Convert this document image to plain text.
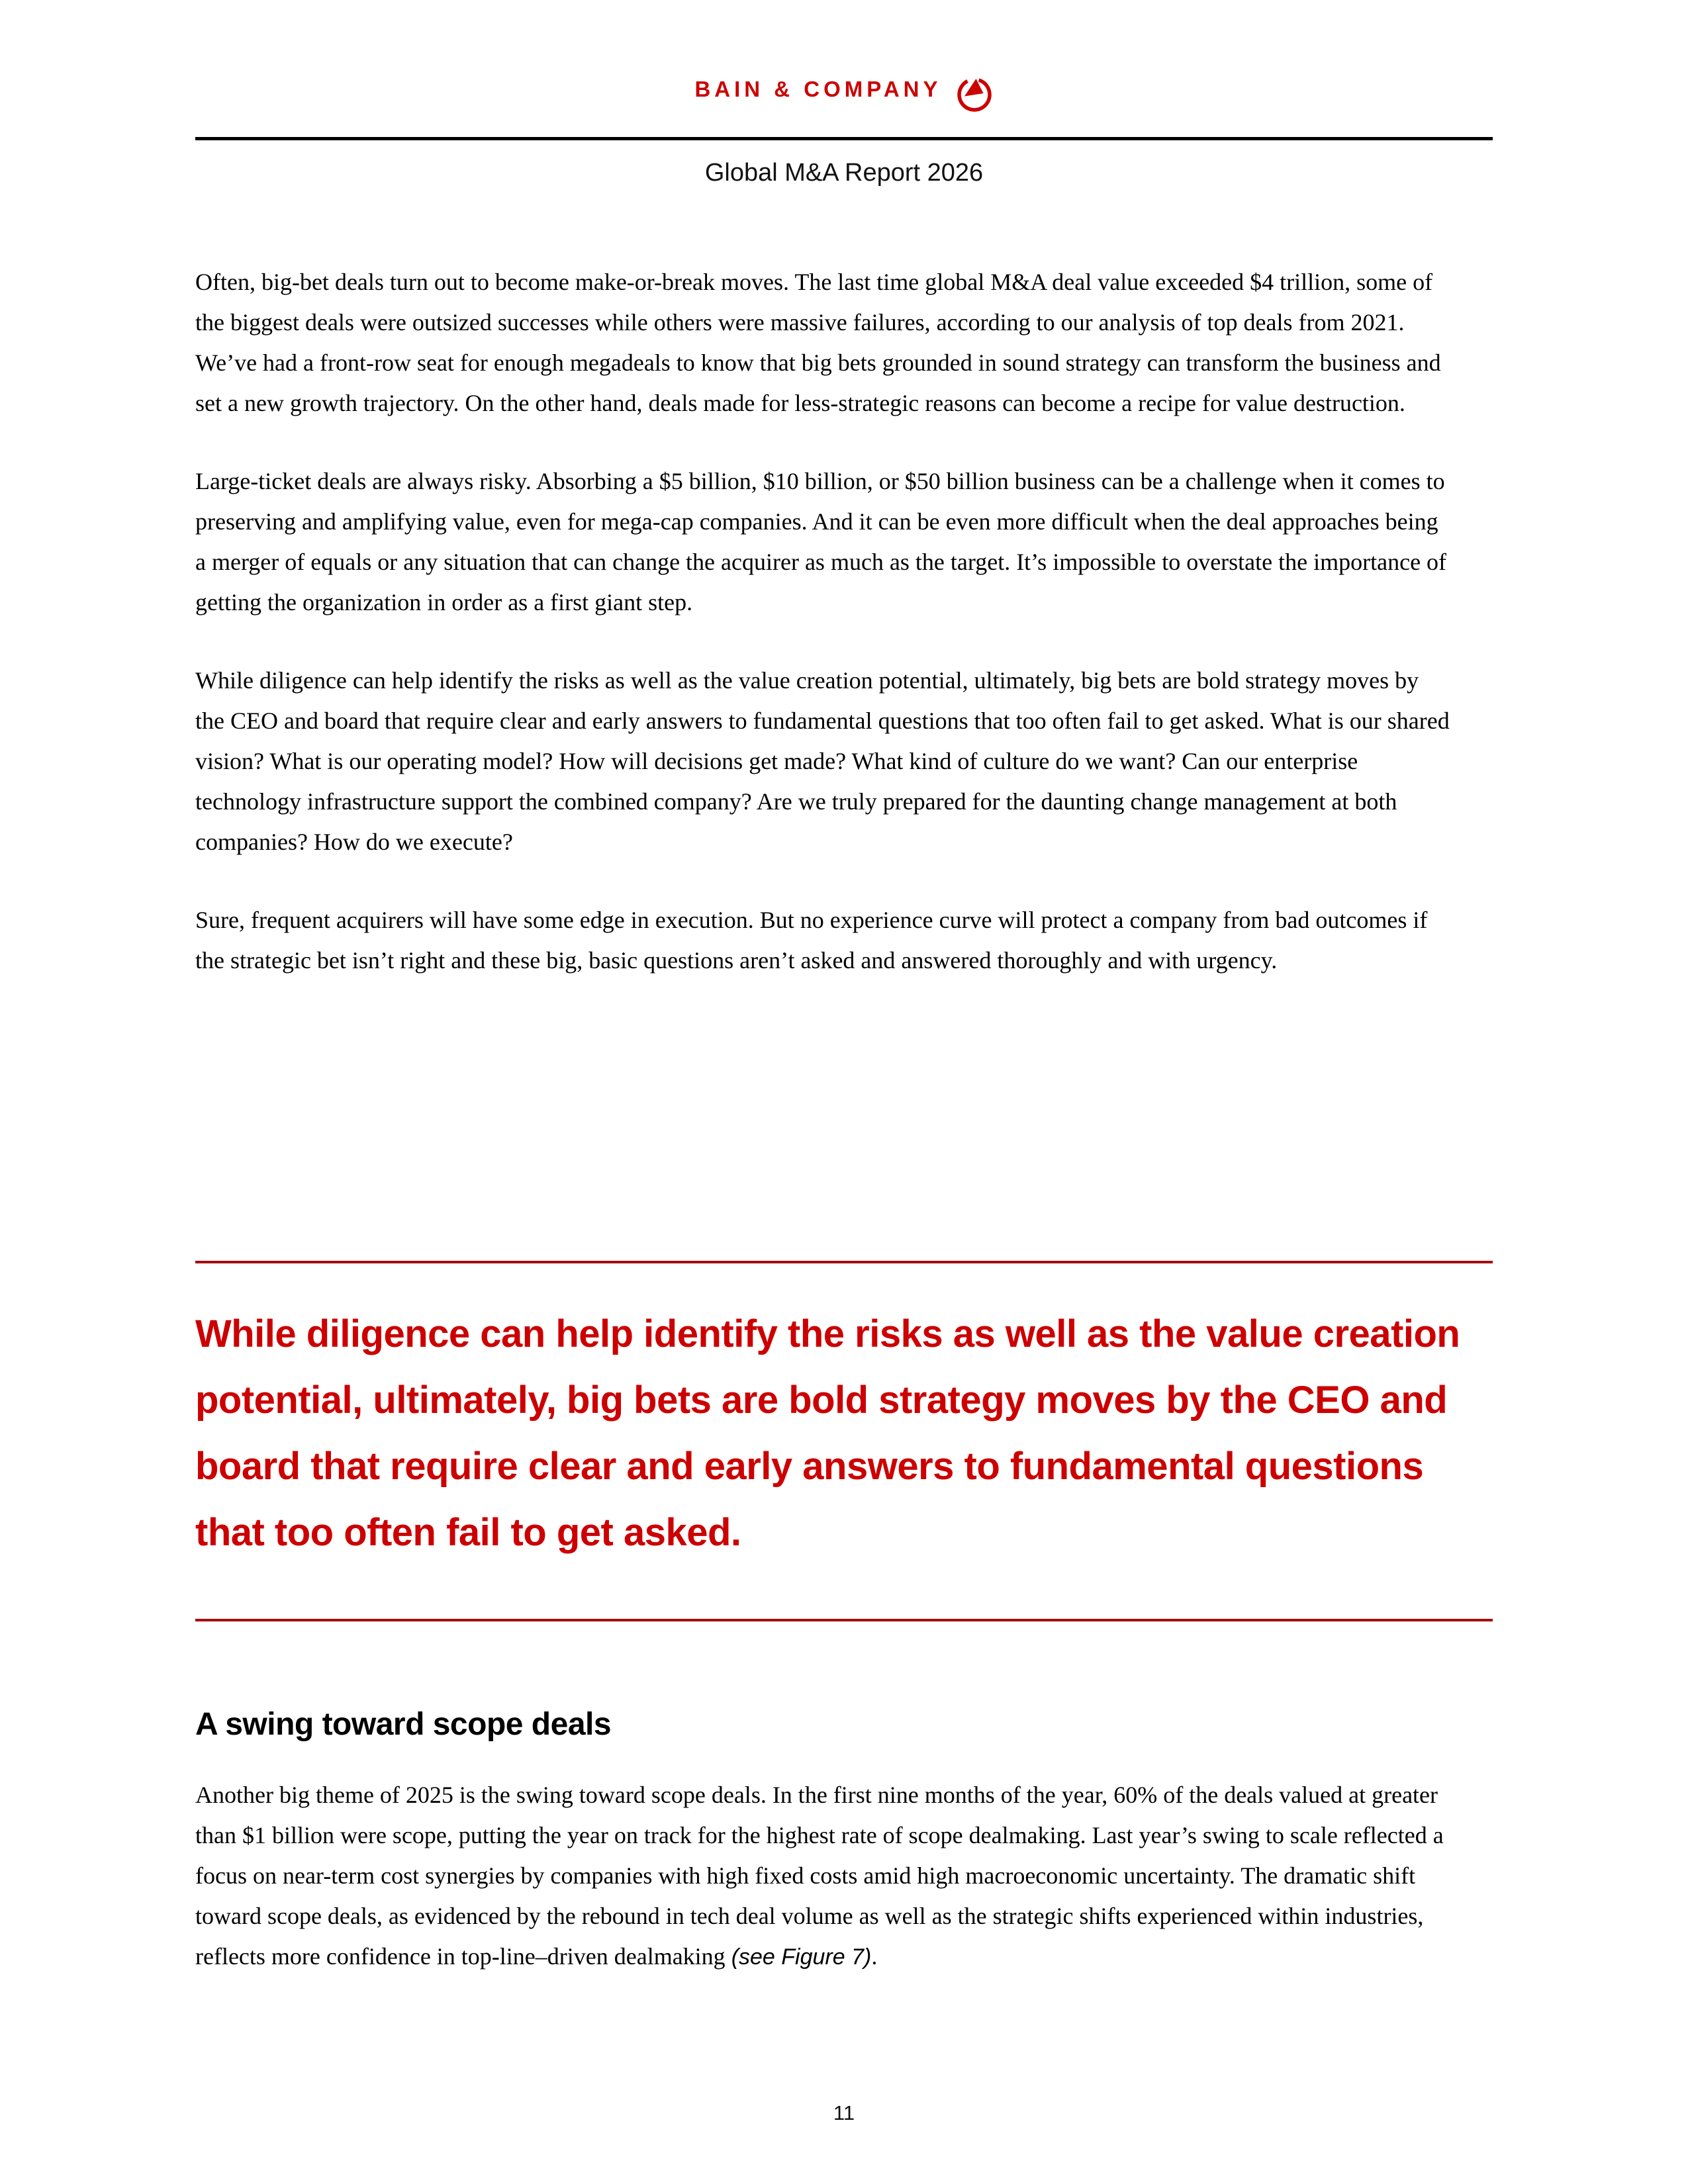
BAIN & COMPANY
Global M&A Report 2026

Often, big-bet deals turn out to become make-or-break moves. The last time global M&A deal value exceeded $4 trillion, some of the biggest deals were outsized successes while others were massive failures, according to our analysis of top deals from 2021. We’ve had a front-row seat for enough megadeals to know that big bets grounded in sound strategy can transform the business and set a new growth trajectory. On the other hand, deals made for less-strategic reasons can become a recipe for value destruction.

Large-ticket deals are always risky. Absorbing a $5 billion, $10 billion, or $50 billion business can be a challenge when it comes to preserving and amplifying value, even for mega-cap companies. And it can be even more difficult when the deal approaches being a merger of equals or any situation that can change the acquirer as much as the target. It’s impossible to overstate the importance of getting the organization in order as a first giant step.

While diligence can help identify the risks as well as the value creation potential, ultimately, big bets are bold strategy moves by the CEO and board that require clear and early answers to fundamental questions that too often fail to get asked. What is our shared vision? What is our operating model? How will decisions get made? What kind of culture do we want? Can our enterprise technology infrastructure support the combined company? Are we truly prepared for the daunting change management at both companies? How do we execute?

Sure, frequent acquirers will have some edge in execution. But no experience curve will protect a company from bad outcomes if the strategic bet isn’t right and these big, basic questions aren’t asked and answered thoroughly and with urgency.

While diligence can help identify the risks as well as the value creation potential, ultimately, big bets are bold strategy moves by the CEO and board that require clear and early answers to fundamental questions that too often fail to get asked.
A swing toward scope deals

Another big theme of 2025 is the swing toward scope deals. In the first nine months of the year, 60% of the deals valued at greater than $1 billion were scope, putting the year on track for the highest rate of scope dealmaking. Last year’s swing to scale reflected a focus on near-term cost synergies by companies with high fixed costs amid high macroeconomic uncertainty. The dramatic shift toward scope deals, as evidenced by the rebound in tech deal volume as well as the strategic shifts experienced within industries, reflects more confidence in top-line–driven dealmaking (see Figure 7).

11
